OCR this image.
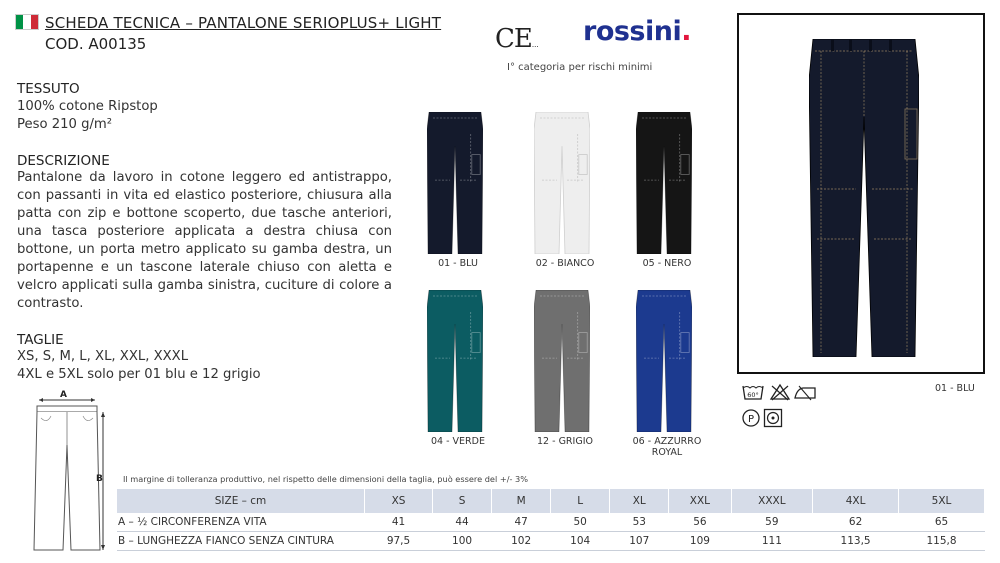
SCHEDA TECNICA – PANTALONE SERIOPLUS+ LIGHT
COD. A00135
TESSUTO
100% cotone Ripstop
Peso 210 g/m²
DESCRIZIONE
Pantalone da lavoro in cotone leggero ed antistrappo, con passanti in vita ed elastico posteriore, chiusura alla patta con zip e bottone scoperto, due tasche anteriori, una tasca posteriore applicata a destra chiusa con bottone, un porta metro applicato su gamba destra, un portapenne e un tascone laterale chiuso con aletta e velcro applicati sulla gamba sinistra, cuciture di colore a contrasto.
TAGLIE
XS, S, M, L, XL, XXL, XXXL
4XL e 5XL solo per 01 blu e 12 grigio
A
B
CE... rossini.
I° categoria per rischi minimi
01 - BLU	02 - BIANCO	05 - NERO
04 - VERDE	12 - GRIGIO	06 - AZZURRO ROYAL
01 - BLU
60°
P
Il margine di tolleranza produttivo, nel rispetto delle dimensioni della taglia, può essere del +/- 3%
SIZE – cm	XS	S	M	L	XL	XXL	XXXL	4XL	5XL
A – ½ CIRCONFERENZA VITA	41	44	47	50	53	56	59	62	65
B – LUNGHEZZA FIANCO SENZA CINTURA	97,5	100	102	104	107	109	111	113,5	115,8
